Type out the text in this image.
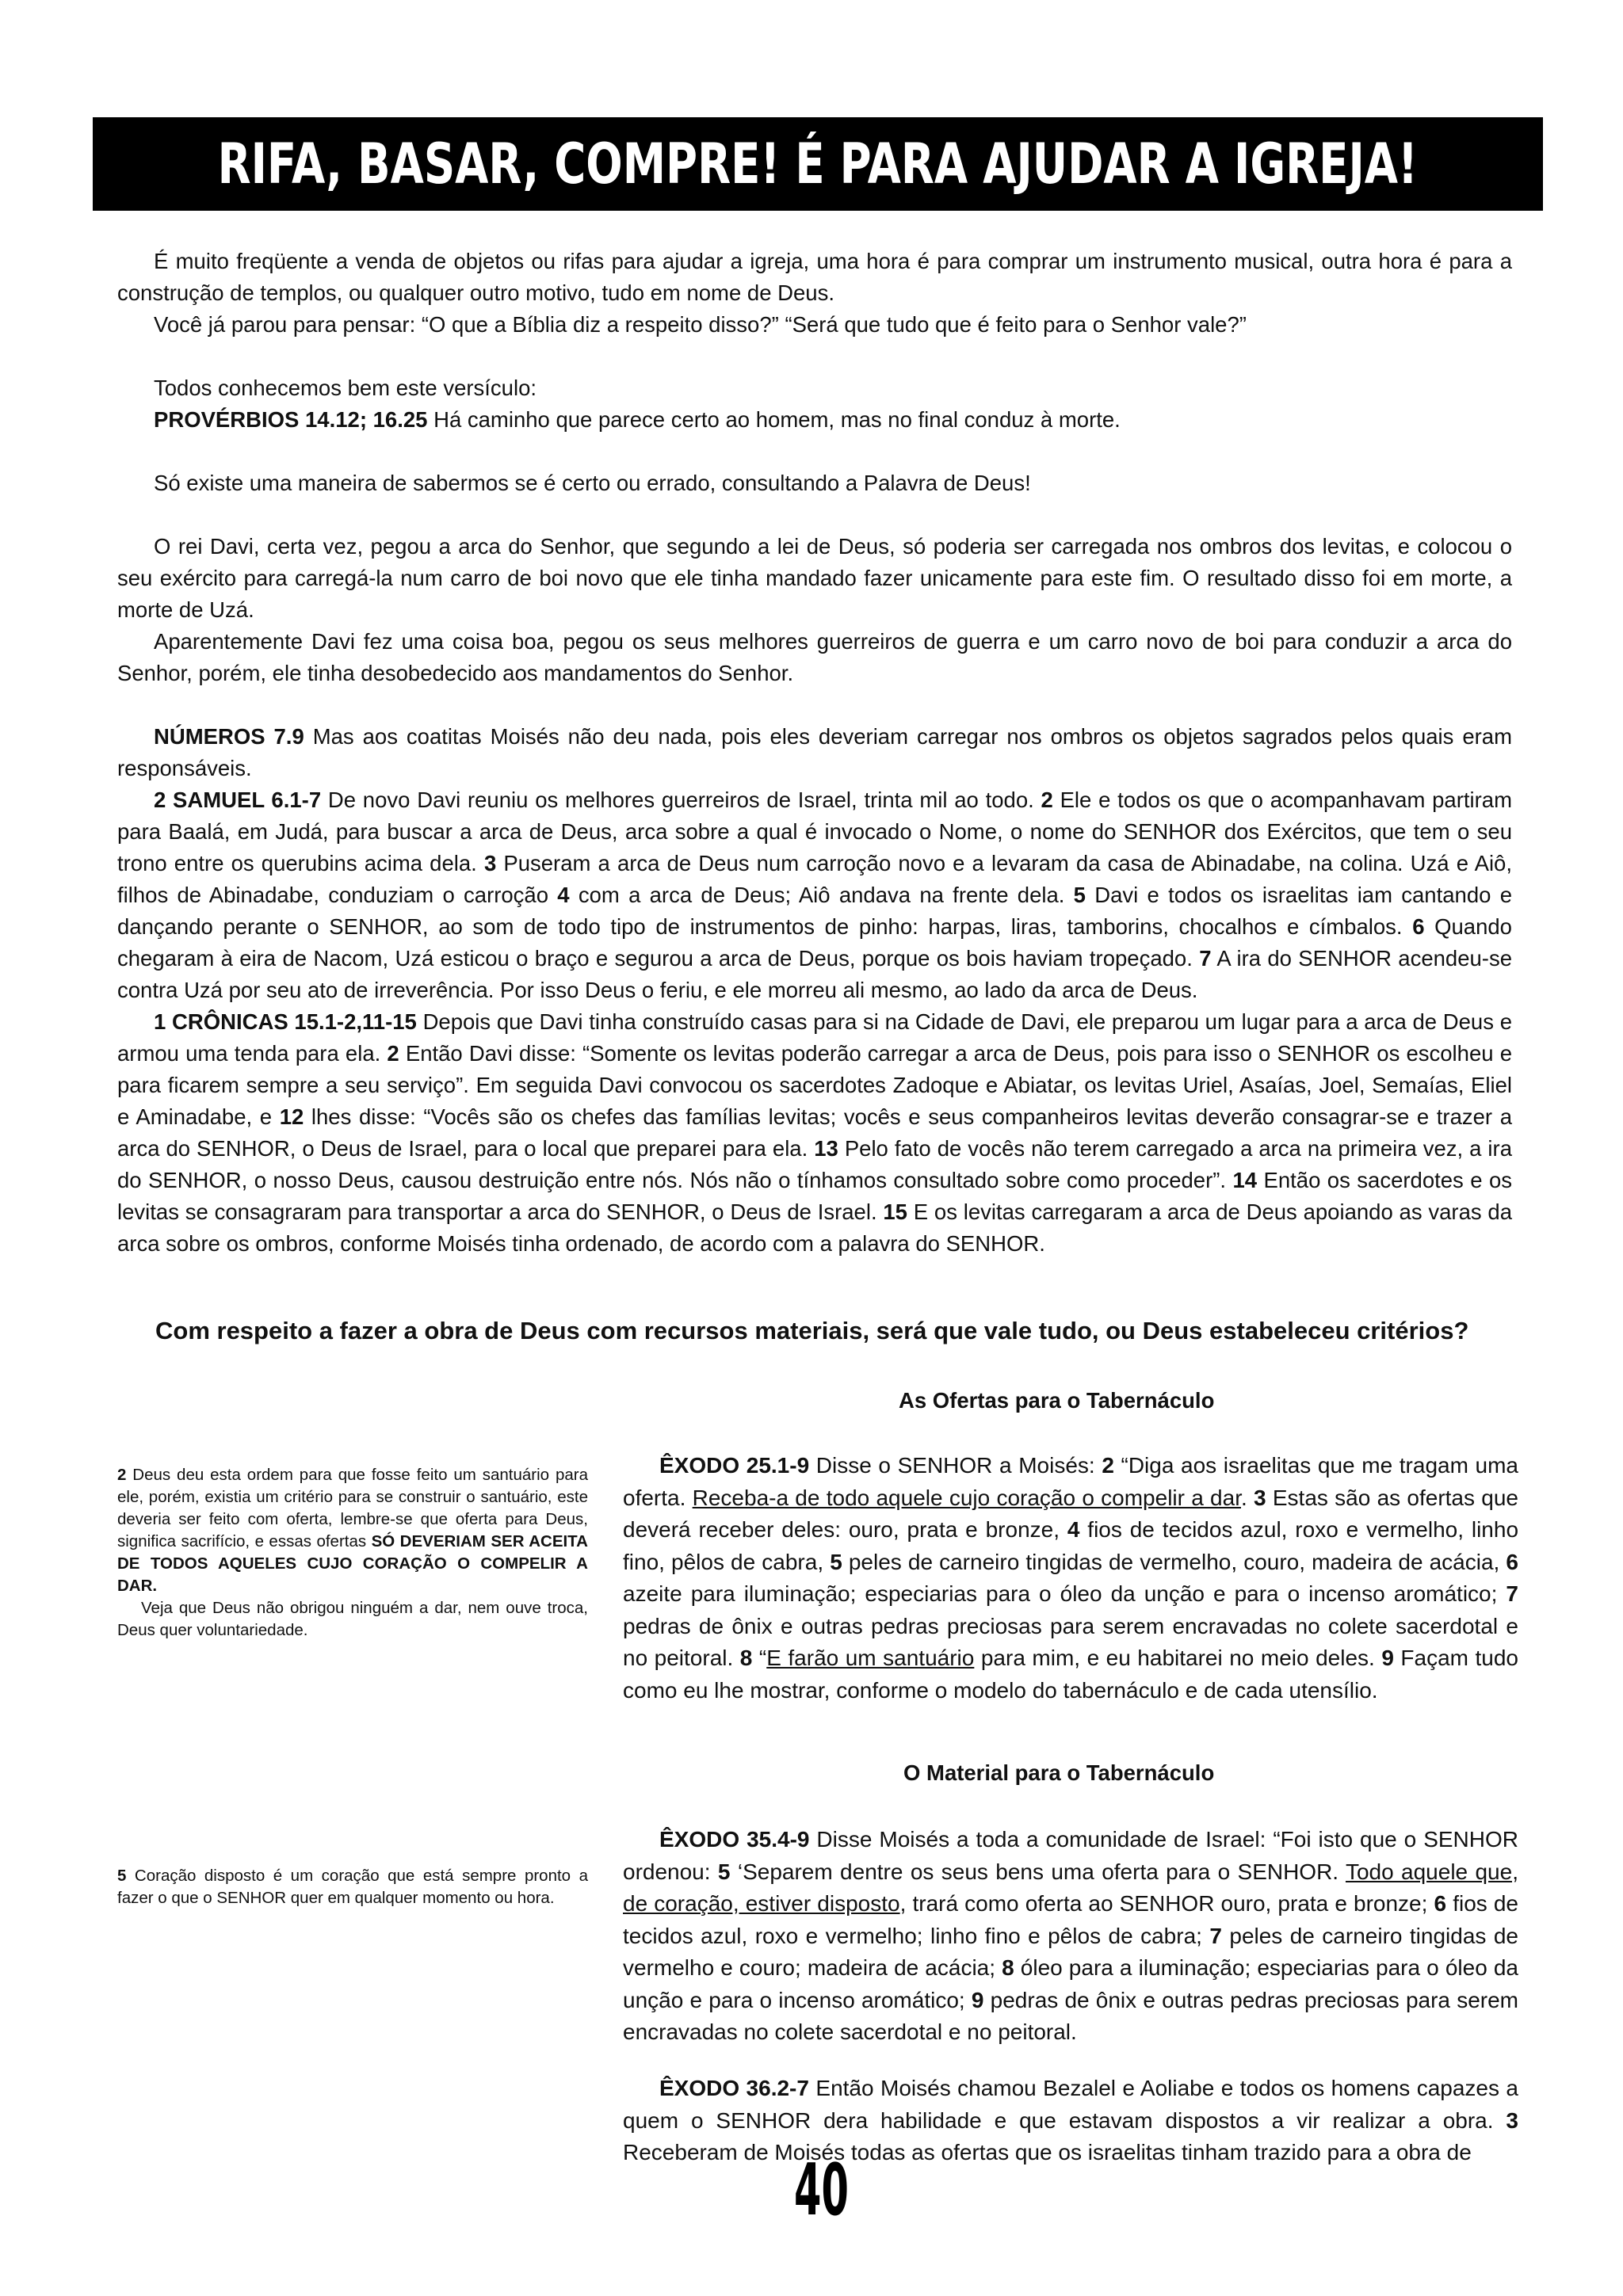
RIFA, BASAR, COMPRE! É PARA AJUDAR A IGREJA!

É muito freqüente a venda de objetos ou rifas para ajudar a igreja, uma hora é para comprar um instrumento musical, outra hora é para a construção de templos, ou qualquer outro motivo, tudo em nome de Deus.

Você já parou para pensar: “O que a Bíblia diz a respeito disso?” “Será que tudo que é feito para o Senhor vale?”

Todos conhecemos bem este versículo:

PROVÉRBIOS 14.12; 16.25 Há caminho que parece certo ao homem, mas no final conduz à morte.

Só existe uma maneira de sabermos se é certo ou errado, consultando a Palavra de Deus!

O rei Davi, certa vez, pegou a arca do Senhor, que segundo a lei de Deus, só poderia ser carregada nos ombros dos levitas, e colocou o seu exército para carregá-la num carro de boi novo que ele tinha mandado fazer unicamente para este fim. O resultado disso foi em morte, a morte de Uzá.

Aparentemente Davi fez uma coisa boa, pegou os seus melhores guerreiros de guerra e um carro novo de boi para conduzir a arca do Senhor, porém, ele tinha desobedecido aos mandamentos do Senhor.

NÚMEROS 7.9 Mas aos coatitas Moisés não deu nada, pois eles deveriam carregar nos ombros os objetos sagrados pelos quais eram responsáveis.

2 SAMUEL 6.1-7 De novo Davi reuniu os melhores guerreiros de Israel, trinta mil ao todo. 2 Ele e todos os que o acompanhavam partiram para Baalá, em Judá, para buscar a arca de Deus, arca sobre a qual é invocado o Nome, o nome do SENHOR dos Exércitos, que tem o seu trono entre os querubins acima dela. 3 Puseram a arca de Deus num carroção novo e a levaram da casa de Abinadabe, na colina. Uzá e Aiô, filhos de Abinadabe, conduziam o carroção 4 com a arca de Deus; Aiô andava na frente dela. 5 Davi e todos os israelitas iam cantando e dançando perante o SENHOR, ao som de todo tipo de instrumentos de pinho: harpas, liras, tamborins, chocalhos e címbalos. 6 Quando chegaram à eira de Nacom, Uzá esticou o braço e segurou a arca de Deus, porque os bois haviam tropeçado. 7 A ira do SENHOR acendeu-se contra Uzá por seu ato de irreverência. Por isso Deus o feriu, e ele morreu ali mesmo, ao lado da arca de Deus.

1 CRÔNICAS 15.1-2,11-15 Depois que Davi tinha construído casas para si na Cidade de Davi, ele preparou um lugar para a arca de Deus e armou uma tenda para ela. 2 Então Davi disse: “Somente os levitas poderão carregar a arca de Deus, pois para isso o SENHOR os escolheu e para ficarem sempre a seu serviço”. Em seguida Davi convocou os sacerdotes Zadoque e Abiatar, os levitas Uriel, Asaías, Joel, Semaías, Eliel e Aminadabe, e 12 lhes disse: “Vocês são os chefes das famílias levitas; vocês e seus companheiros levitas deverão consagrar-se e trazer a arca do SENHOR, o Deus de Israel, para o local que preparei para ela. 13 Pelo fato de vocês não terem carregado a arca na primeira vez, a ira do SENHOR, o nosso Deus, causou destruição entre nós. Nós não o tínhamos consultado sobre como proceder”. 14 Então os sacerdotes e os levitas se consagraram para transportar a arca do SENHOR, o Deus de Israel. 15 E os levitas carregaram a arca de Deus apoiando as varas da arca sobre os ombros, conforme Moisés tinha ordenado, de acordo com a palavra do SENHOR.

Com respeito a fazer a obra de Deus com recursos materiais, será que vale tudo, ou Deus estabeleceu critérios?
As Ofertas para o Tabernáculo

2 Deus deu esta ordem para que fosse feito um santuário para ele, porém, existia um critério para se construir o santuário, este deveria ser feito com oferta, lembre-se que oferta para Deus, significa sacrifício, e essas ofertas SÓ DEVERIAM SER ACEITA DE TODOS AQUELES CUJO CORAÇÃO O COMPELIR A DAR.

Veja que Deus não obrigou ninguém a dar, nem ouve troca, Deus quer voluntariedade.

ÊXODO 25.1-9 Disse o SENHOR a Moisés: 2 “Diga aos israelitas que me tragam uma oferta. Receba-a de todo aquele cujo coração o compelir a dar. 3 Estas são as ofertas que deverá receber deles: ouro, prata e bronze, 4 fios de tecidos azul, roxo e vermelho, linho fino, pêlos de cabra, 5 peles de carneiro tingidas de vermelho, couro, madeira de acácia, 6 azeite para iluminação; especiarias para o óleo da unção e para o incenso aromático; 7 pedras de ônix e outras pedras preciosas para serem encravadas no colete sacerdotal e no peitoral. 8 “E farão um santuário para mim, e eu habitarei no meio deles. 9 Façam tudo como eu lhe mostrar, conforme o modelo do tabernáculo e de cada utensílio.

O Material para o Tabernáculo

5 Coração disposto é um coração que está sempre pronto a fazer o que o SENHOR quer em qualquer momento ou hora.

ÊXODO 35.4-9 Disse Moisés a toda a comunidade de Israel: “Foi isto que o SENHOR ordenou: 5 ‘Separem dentre os seus bens uma oferta para o SENHOR. Todo aquele que, de coração, estiver disposto, trará como oferta ao SENHOR ouro, prata e bronze; 6 fios de tecidos azul, roxo e vermelho; linho fino e pêlos de cabra; 7 peles de carneiro tingidas de vermelho e couro; madeira de acácia; 8 óleo para a iluminação; especiarias para o óleo da unção e para o incenso aromático; 9 pedras de ônix e outras pedras preciosas para serem encravadas no colete sacerdotal e no peitoral.

ÊXODO 36.2-7 Então Moisés chamou Bezalel e Aoliabe e todos os homens capazes a quem o SENHOR dera habilidade e que estavam dispostos a vir realizar a obra. 3 Receberam de Moisés todas as ofertas que os israelitas tinham trazido para a obra de

40
